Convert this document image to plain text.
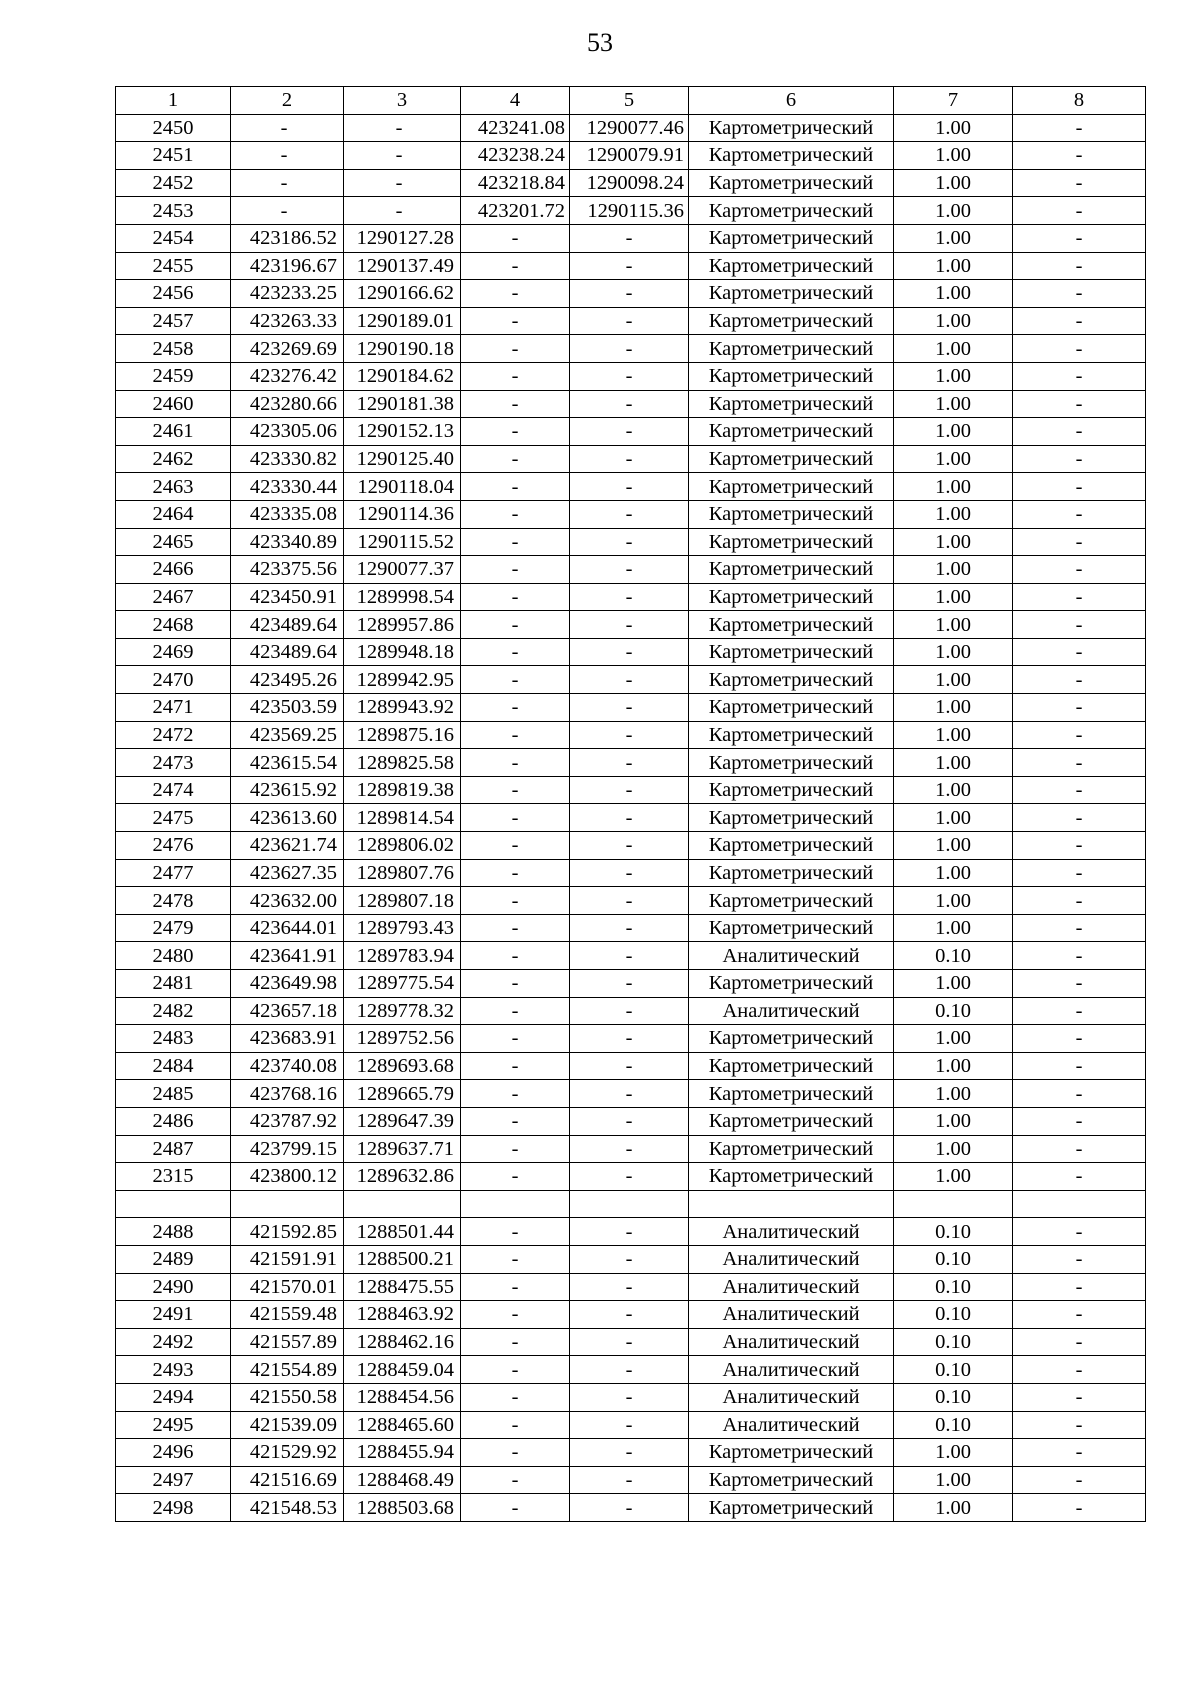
53
1	2	3	4	5	6	7	8
2450	-	-	423241.08	1290077.46	Картометрический	1.00	-
2451	-	-	423238.24	1290079.91	Картометрический	1.00	-
2452	-	-	423218.84	1290098.24	Картометрический	1.00	-
2453	-	-	423201.72	1290115.36	Картометрический	1.00	-
2454	423186.52	1290127.28	-	-	Картометрический	1.00	-
2455	423196.67	1290137.49	-	-	Картометрический	1.00	-
2456	423233.25	1290166.62	-	-	Картометрический	1.00	-
2457	423263.33	1290189.01	-	-	Картометрический	1.00	-
2458	423269.69	1290190.18	-	-	Картометрический	1.00	-
2459	423276.42	1290184.62	-	-	Картометрический	1.00	-
2460	423280.66	1290181.38	-	-	Картометрический	1.00	-
2461	423305.06	1290152.13	-	-	Картометрический	1.00	-
2462	423330.82	1290125.40	-	-	Картометрический	1.00	-
2463	423330.44	1290118.04	-	-	Картометрический	1.00	-
2464	423335.08	1290114.36	-	-	Картометрический	1.00	-
2465	423340.89	1290115.52	-	-	Картометрический	1.00	-
2466	423375.56	1290077.37	-	-	Картометрический	1.00	-
2467	423450.91	1289998.54	-	-	Картометрический	1.00	-
2468	423489.64	1289957.86	-	-	Картометрический	1.00	-
2469	423489.64	1289948.18	-	-	Картометрический	1.00	-
2470	423495.26	1289942.95	-	-	Картометрический	1.00	-
2471	423503.59	1289943.92	-	-	Картометрический	1.00	-
2472	423569.25	1289875.16	-	-	Картометрический	1.00	-
2473	423615.54	1289825.58	-	-	Картометрический	1.00	-
2474	423615.92	1289819.38	-	-	Картометрический	1.00	-
2475	423613.60	1289814.54	-	-	Картометрический	1.00	-
2476	423621.74	1289806.02	-	-	Картометрический	1.00	-
2477	423627.35	1289807.76	-	-	Картометрический	1.00	-
2478	423632.00	1289807.18	-	-	Картометрический	1.00	-
2479	423644.01	1289793.43	-	-	Картометрический	1.00	-
2480	423641.91	1289783.94	-	-	Аналитический	0.10	-
2481	423649.98	1289775.54	-	-	Картометрический	1.00	-
2482	423657.18	1289778.32	-	-	Аналитический	0.10	-
2483	423683.91	1289752.56	-	-	Картометрический	1.00	-
2484	423740.08	1289693.68	-	-	Картометрический	1.00	-
2485	423768.16	1289665.79	-	-	Картометрический	1.00	-
2486	423787.92	1289647.39	-	-	Картометрический	1.00	-
2487	423799.15	1289637.71	-	-	Картометрический	1.00	-
2315	423800.12	1289632.86	-	-	Картометрический	1.00	-

2488	421592.85	1288501.44	-	-	Аналитический	0.10	-
2489	421591.91	1288500.21	-	-	Аналитический	0.10	-
2490	421570.01	1288475.55	-	-	Аналитический	0.10	-
2491	421559.48	1288463.92	-	-	Аналитический	0.10	-
2492	421557.89	1288462.16	-	-	Аналитический	0.10	-
2493	421554.89	1288459.04	-	-	Аналитический	0.10	-
2494	421550.58	1288454.56	-	-	Аналитический	0.10	-
2495	421539.09	1288465.60	-	-	Аналитический	0.10	-
2496	421529.92	1288455.94	-	-	Картометрический	1.00	-
2497	421516.69	1288468.49	-	-	Картометрический	1.00	-
2498	421548.53	1288503.68	-	-	Картометрический	1.00	-
